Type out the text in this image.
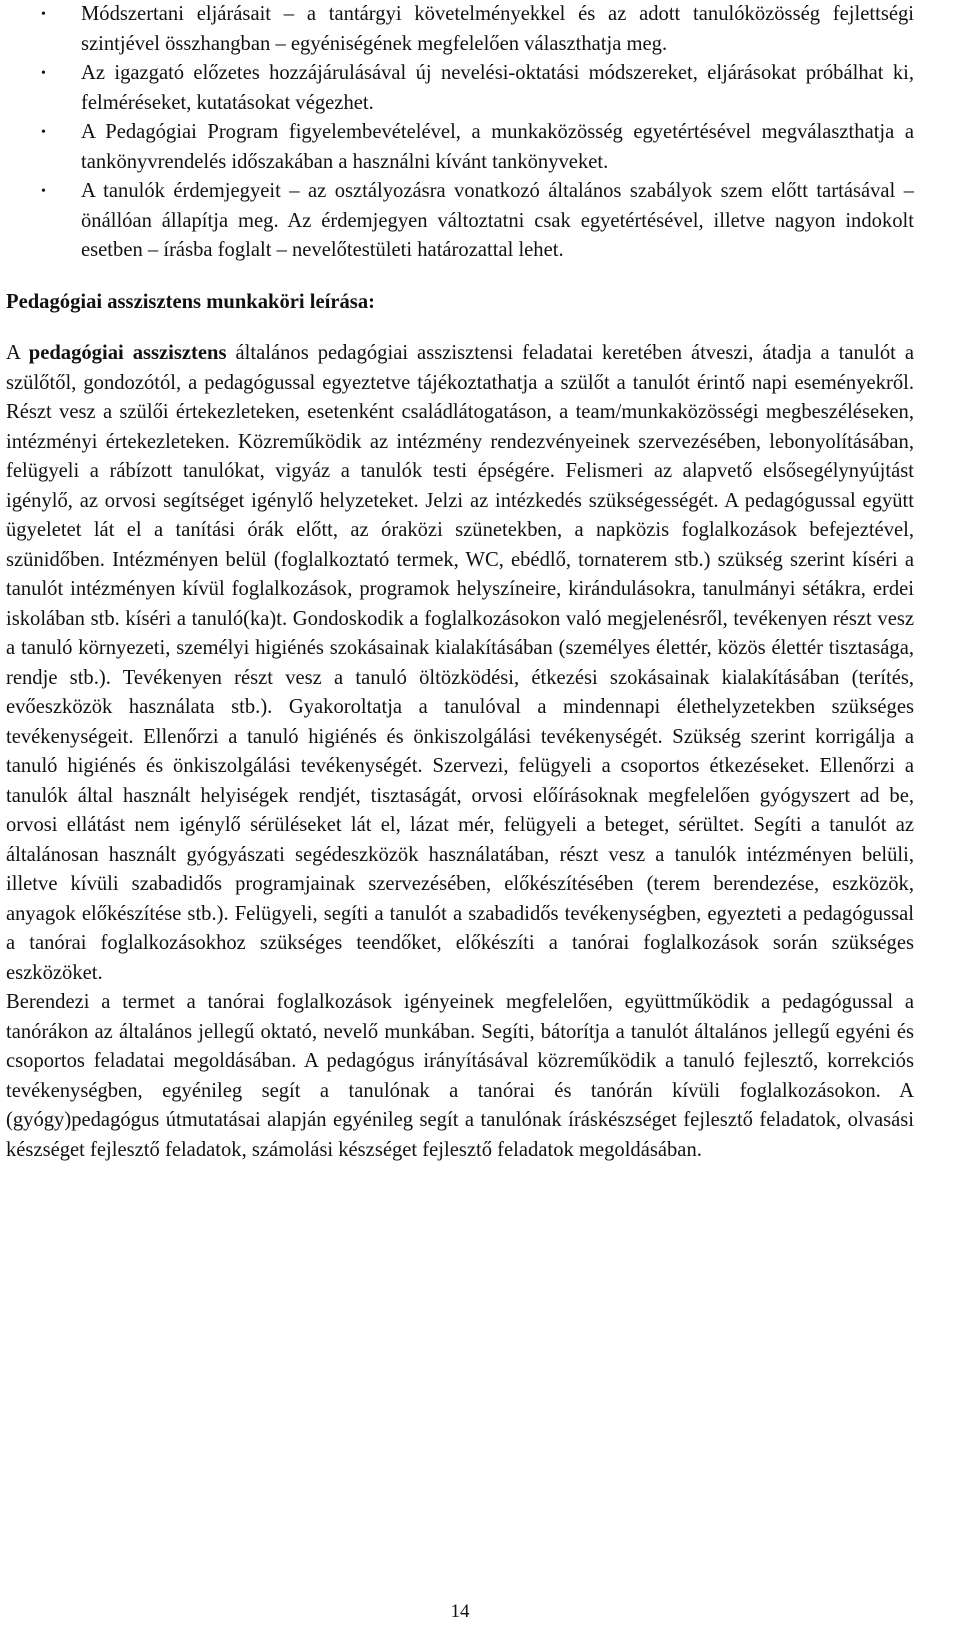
• Módszertani eljárásait – a tantárgyi követelményekkel és az adott tanulóközösség fejlettségi szintjével összhangban – egyéniségének megfelelően választhatja meg.
• Az igazgató előzetes hozzájárulásával új nevelési-oktatási módszereket, eljárásokat próbálhat ki, felméréseket, kutatásokat végezhet.
• A Pedagógiai Program figyelembevételével, a munkaközösség egyetértésével megválaszthatja a tankönyvrendelés időszakában a használni kívánt tankönyveket.
• A tanulók érdemjegyeit – az osztályozásra vonatkozó általános szabályok szem előtt tartásával – önállóan állapítja meg. Az érdemjegyen változtatni csak egyetértésével, illetve nagyon indokolt esetben – írásba foglalt – nevelőtestületi határozattal lehet.
Pedagógiai asszisztens munkaköri leírása:

A pedagógiai asszisztens általános pedagógiai asszisztensi feladatai keretében átveszi, átadja a tanulót a szülőtől, gondozótól, a pedagógussal egyeztetve tájékoztathatja a szülőt a tanulót érintő napi eseményekről. Részt vesz a szülői értekezleteken, esetenként családlátogatáson, a team/munkaközösségi megbeszéléseken, intézményi értekezleteken. Közreműködik az intézmény rendezvényeinek szervezésében, lebonyolításában, felügyeli a rábízott tanulókat, vigyáz a tanulók testi épségére. Felismeri az alapvető elsősegélynyújtást igénylő, az orvosi segítséget igénylő helyzeteket. Jelzi az intézkedés szükségességét. A pedagógussal együtt ügyeletet lát el a tanítási órák előtt, az óraközi szünetekben, a napközis foglalkozások befejeztével, szünidőben. Intézményen belül (foglalkoztató termek, WC, ebédlő, tornaterem stb.) szükség szerint kíséri a tanulót intézményen kívül foglalkozások, programok helyszíneire, kirándulásokra, tanulmányi sétákra, erdei iskolában stb. kíséri a tanuló(ka)t. Gondoskodik a foglalkozásokon való megjelenésről, tevékenyen részt vesz a tanuló környezeti, személyi higiénés szokásainak kialakításában (személyes élettér, közös élettér tisztasága, rendje stb.). Tevékenyen részt vesz a tanuló öltözködési, étkezési szokásainak kialakításában (terítés, evőeszközök használata stb.). Gyakoroltatja a tanulóval a mindennapi élethelyzetekben szükséges tevékenységeit. Ellenőrzi a tanuló higiénés és önkiszolgálási tevékenységét. Szükség szerint korrigálja a tanuló higiénés és önkiszolgálási tevékenységét. Szervezi, felügyeli a csoportos étkezéseket. Ellenőrzi a tanulók által használt helyiségek rendjét, tisztaságát, orvosi előírásoknak megfelelően gyógyszert ad be, orvosi ellátást nem igénylő sérüléseket lát el, lázat mér, felügyeli a beteget, sérültet. Segíti a tanulót az általánosan használt gyógyászati segédeszközök használatában, részt vesz a tanulók intézményen belüli, illetve kívüli szabadidős programjainak szervezésében, előkészítésében (terem berendezése, eszközök, anyagok előkészítése stb.). Felügyeli, segíti a tanulót a szabadidős tevékenységben, egyezteti a pedagógussal a tanórai foglalkozásokhoz szükséges teendőket, előkészíti a tanórai foglalkozások során szükséges eszközöket.

Berendezi a termet a tanórai foglalkozások igényeinek megfelelően, együttműködik a pedagógussal a tanórákon az általános jellegű oktató, nevelő munkában. Segíti, bátorítja a tanulót általános jellegű egyéni és csoportos feladatai megoldásában. A pedagógus irányításával közreműködik a tanuló fejlesztő, korrekciós tevékenységben, egyénileg segít a tanulónak a tanórai és tanórán kívüli foglalkozásokon. A (gyógy)pedagógus útmutatásai alapján egyénileg segít a tanulónak íráskészséget fejlesztő feladatok, olvasási készséget fejlesztő feladatok, számolási készséget fejlesztő feladatok megoldásában.

14
